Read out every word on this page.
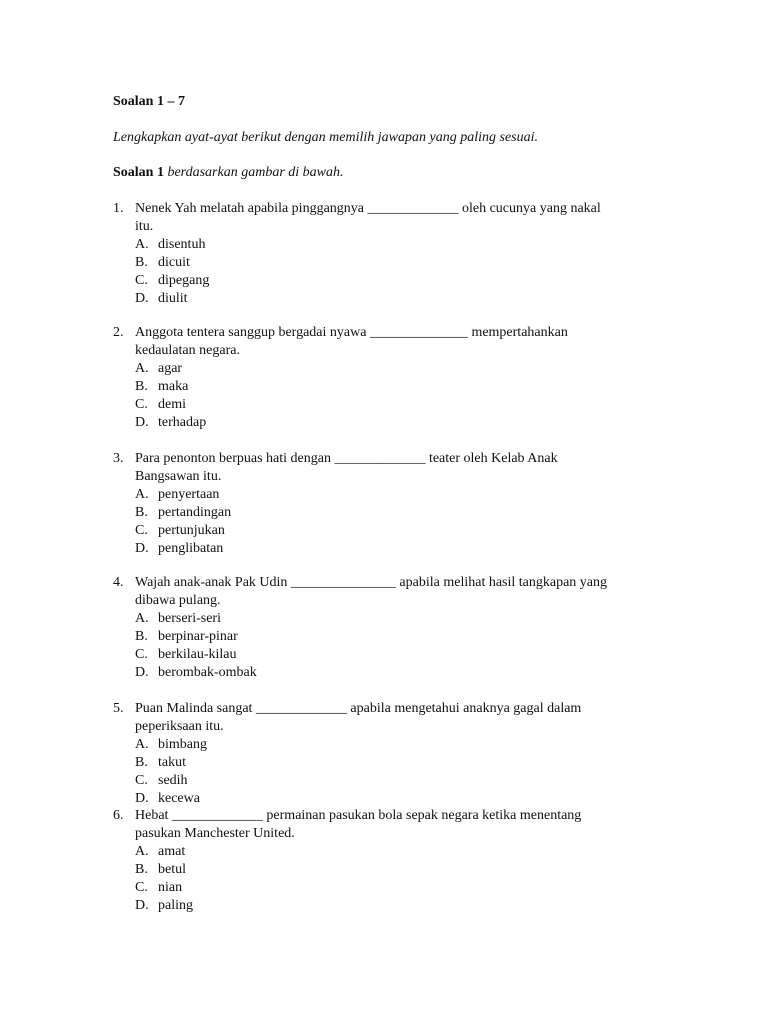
Soalan 1 – 7
Lengkapkan ayat-ayat berikut dengan memilih jawapan yang paling sesuai.
Soalan 1 berdasarkan gambar di bawah.
1. Nenek Yah melatah apabila pinggangnya _____________ oleh cucunya yang nakal
itu.
A. disentuh
B. dicuit
C. dipegang
D. diulit
2. Anggota tentera sanggup bergadai nyawa ______________ mempertahankan
kedaulatan negara.
A. agar
B. maka
C. demi
D. terhadap
3. Para penonton berpuas hati dengan _____________ teater oleh Kelab Anak
Bangsawan itu.
A. penyertaan
B. pertandingan
C. pertunjukan
D. penglibatan
4. Wajah anak-anak Pak Udin _______________ apabila melihat hasil tangkapan yang
dibawa pulang.
A. berseri-seri
B. berpinar-pinar
C. berkilau-kilau
D. berombak-ombak
5. Puan Malinda sangat _____________ apabila mengetahui anaknya gagal dalam
peperiksaan itu.
A. bimbang
B. takut
C. sedih
D. kecewa
6. Hebat _____________ permainan pasukan bola sepak negara ketika menentang
pasukan Manchester United.
A. amat
B. betul
C. nian
D. paling
